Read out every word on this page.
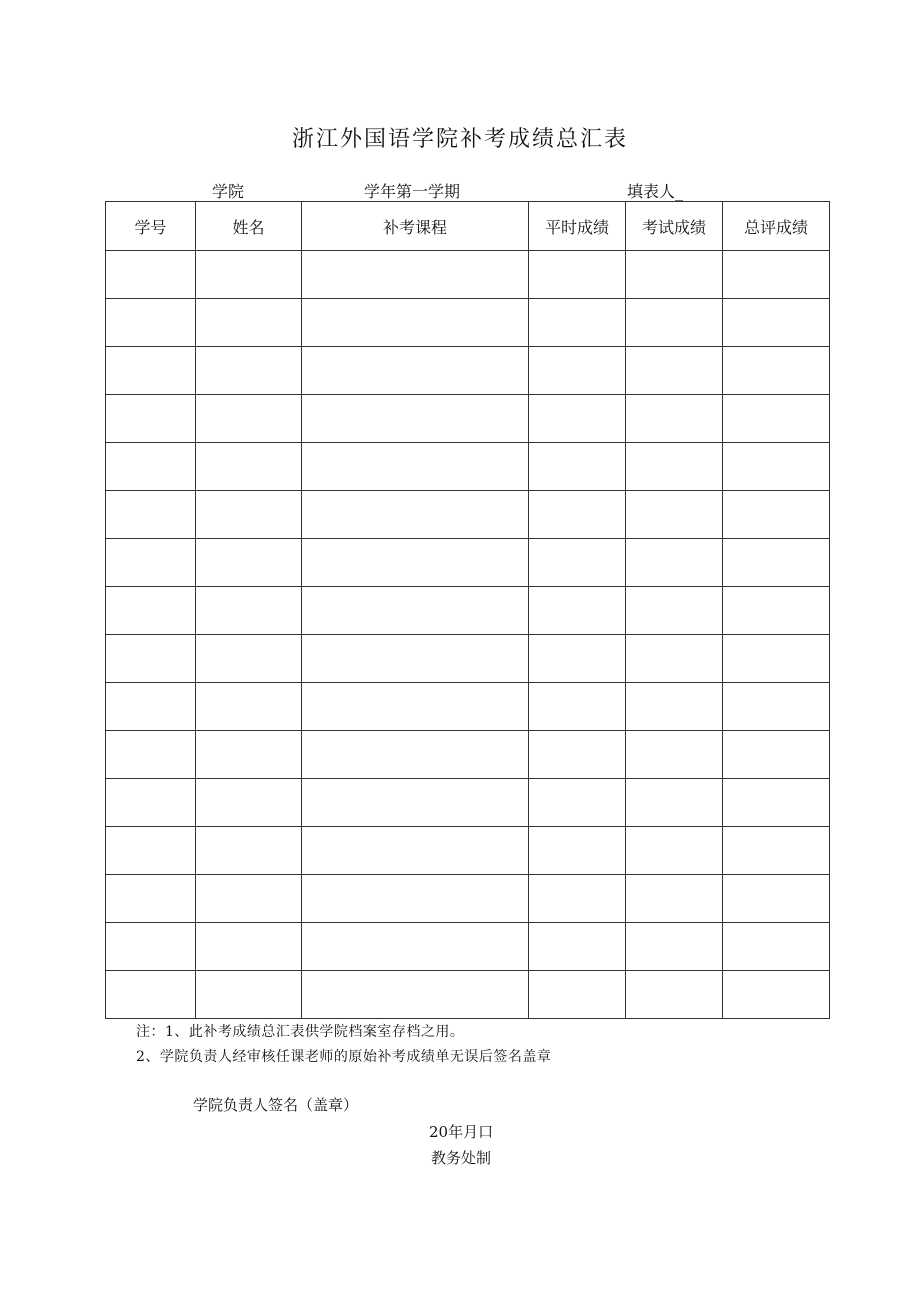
浙江外国语学院补考成绩总汇表
学院	学年第一学期	填表人_
学号	姓名	补考课程	平时成绩	考试成绩	总评成绩

注：1、此补考成绩总汇表供学院档案室存档之用。
2、学院负责人经审核任课老师的原始补考成绩单无误后签名盖章
学院负责人签名（盖章）
20年月口
教务处制
